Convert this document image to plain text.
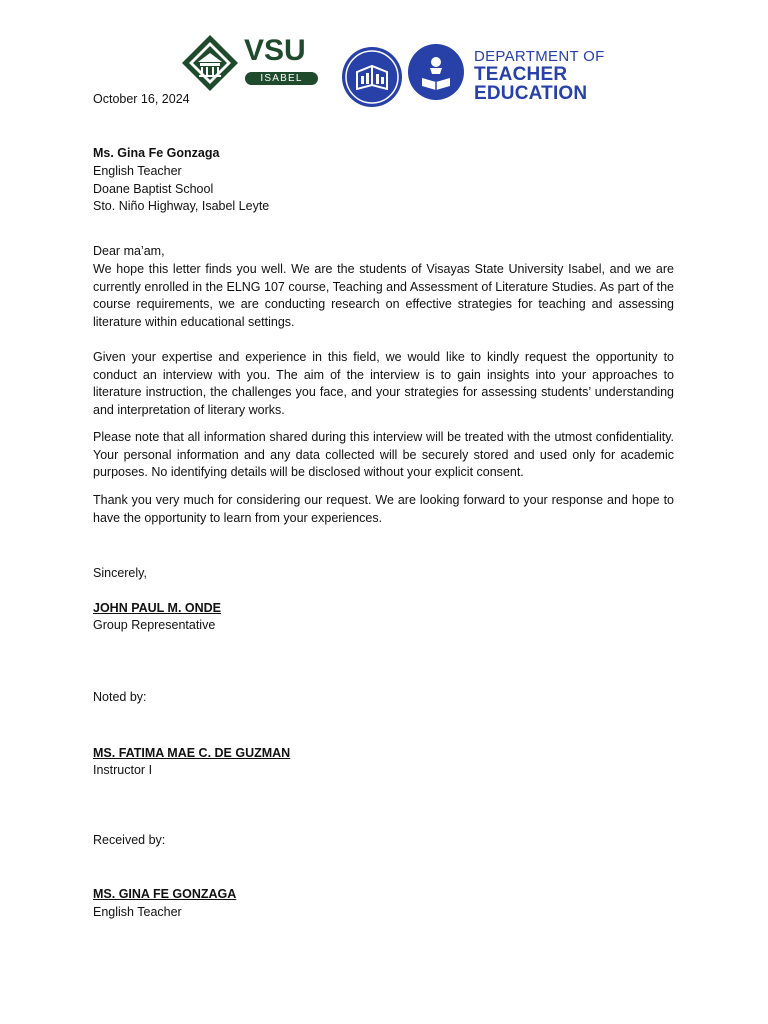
VSU
ISABEL
DEPARTMENT OF
TEACHER
EDUCATION
October 16, 2024
Ms. Gina Fe Gonzaga
English Teacher
Doane Baptist School
Sto. Niño Highway, Isabel Leyte
Dear ma’am,
We hope this letter finds you well. We are the students of Visayas State University Isabel, and we are currently enrolled in the ELNG 107 course, Teaching and Assessment of Literature Studies. As part of the course requirements, we are conducting research on effective strategies for teaching and assessing literature within educational settings.
Given your expertise and experience in this field, we would like to kindly request the opportunity to conduct an interview with you. The aim of the interview is to gain insights into your approaches to literature instruction, the challenges you face, and your strategies for assessing students’ understanding and interpretation of literary works.
Please note that all information shared during this interview will be treated with the utmost confidentiality. Your personal information and any data collected will be securely stored and used only for academic purposes. No identifying details will be disclosed without your explicit consent.
Thank you very much for considering our request. We are looking forward to your response and hope to have the opportunity to learn from your experiences.
Sincerely,
JOHN PAUL M. ONDE
Group Representative
Noted by:
MS. FATIMA MAE C. DE GUZMAN
Instructor I
Received by:
MS. GINA FE GONZAGA
English Teacher
